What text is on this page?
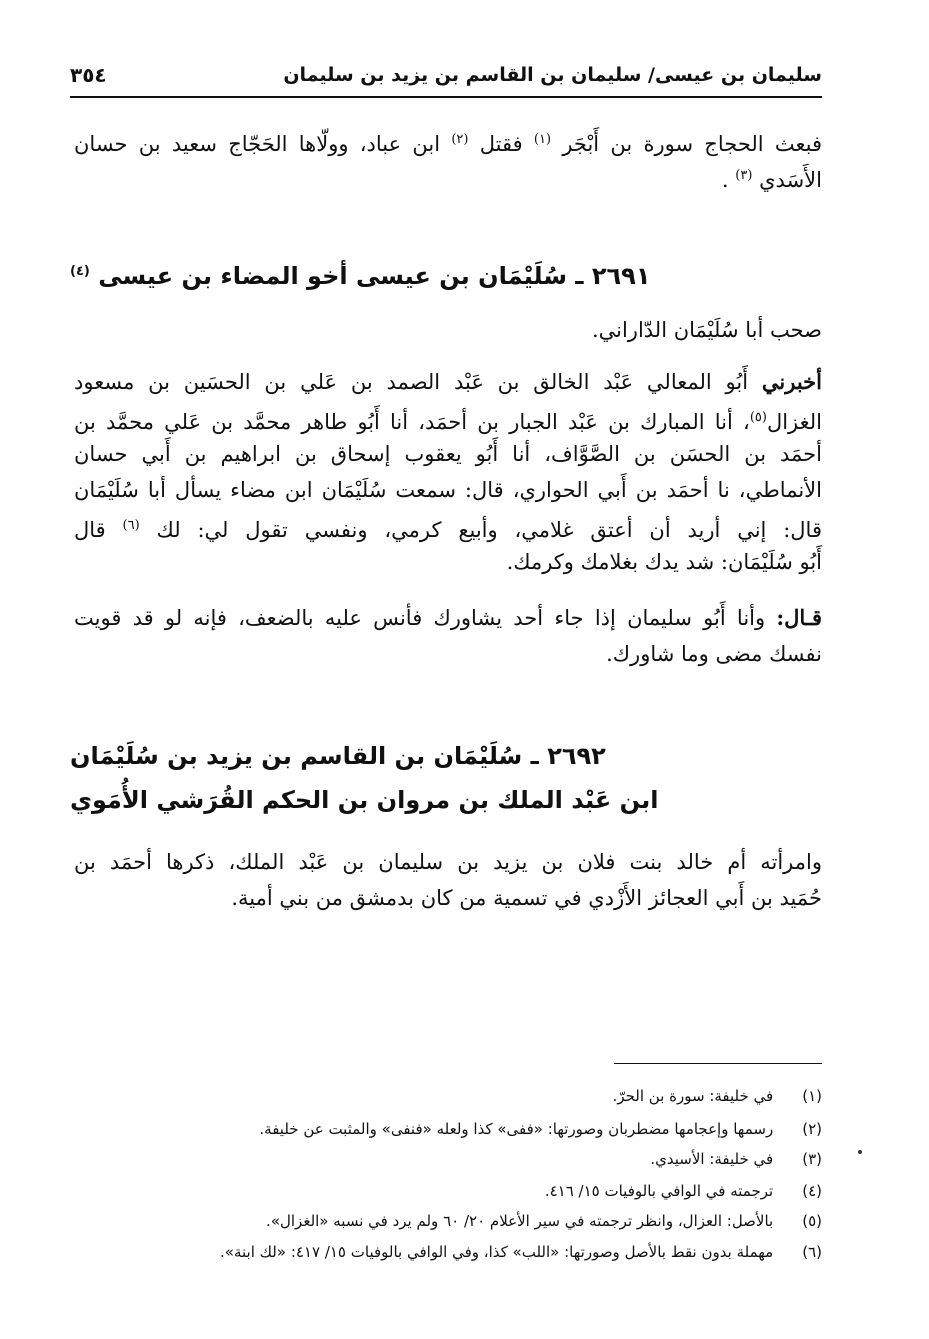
٣٥٤	سليمان بن عيسى/ سليمان بن القاسم بن يزيد بن سليمان
فبعث الحجاج سورة بن أَبْجَر $^{(١)}$ فقتل $^{(٢)}$ ابن عباد، وولّاها الحَجّاج سعيد بن حسان
الأَسَدي $^{(٣)}$ .
٢٦٩١ ـ سُلَيْمَان بن عيسى أخو المضاء بن عيسى $^{(٤)}$
صحب أبا سُلَيْمَان الدّاراني.
أخبرني أَبُو المعالي عَبْد الخالق بن عَبْد الصمد بن عَلي بن الحسَين بن مسعود
الغزال$^{(٥)}$، أنا المبارك بن عَبْد الجبار بن أحمَد، أنا أَبُو طاهر محمَّد بن عَلي محمَّد بن
أحمَد بن الحسَن بن الصَّوَّاف، أنا أَبُو يعقوب إسحاق بن ابراهيم بن أَبي حسان
الأنماطي، نا أحمَد بن أَبي الحواري، قال: سمعت سُلَيْمَان ابن مضاء يسأل أبا سُلَيْمَان
قال: إني أريد أن أعتق غلامي، وأبيع كرمي، ونفسي تقول لي: لك $^{(٦)}$ قال
أَبُو سُلَيْمَان: شد يدك بغلامك وكرمك.
قـال: وأنا أَبُو سليمان إذا جاء أحد يشاورك فأنس عليه بالضعف، فإنه لو قد قويت
نفسك مضى وما شاورك.
٢٦٩٢ ـ سُلَيْمَان بن القاسم بن يزيد بن سُلَيْمَان
ابن عَبْد الملك بن مروان بن الحكم القُرَشي الأُمَوي
وامرأته أم خالد بنت فلان بن يزيد بن سليمان بن عَبْد الملك، ذكرها أحمَد بن
حُمَيد بن أَبي العجائز الأَزْدي في تسمية من كان بدمشق من بني أمية.
(١) في خليفة: سورة بن الحرّ.
(٢) رسمها وإعجامها مضطربان وصورتها: «ففى» كذا ولعله «فنفى» والمثبت عن خليفة.
(٣) في خليفة: الأسيدي.
(٤) ترجمته في الوافي بالوفيات ١٥/ ٤١٦.
(٥) بالأصل: العزال، وانظر ترجمته في سير الأعلام ٢٠/ ٦٠ ولم يرد في نسبه «الغزال».
(٦) مهملة بدون نقط بالأصل وصورتها: «اللب» كذا، وفي الوافي بالوفيات ١٥/ ٤١٧: «لك ابنة».
